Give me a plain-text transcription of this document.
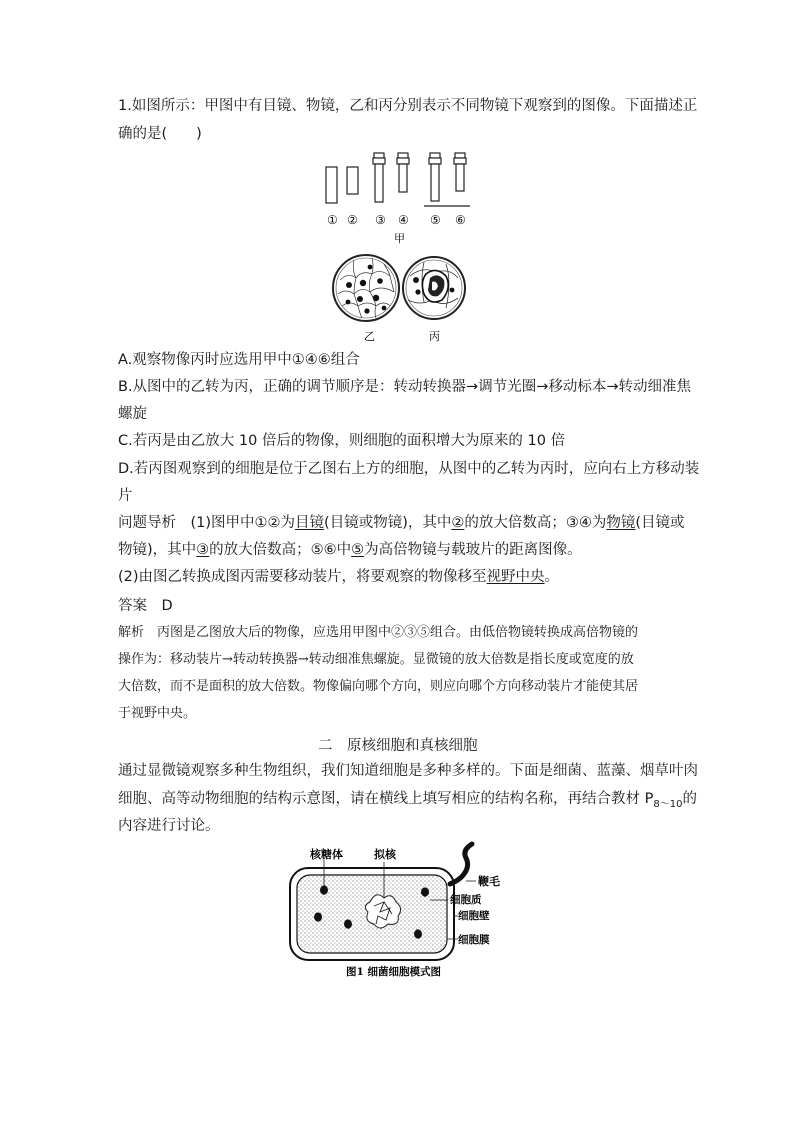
1.如图所示：甲图中有目镜、物镜，乙和丙分别表示不同物镜下观察到的图像。下面描述正
确的是(　　)
① ② ③ ④ ⑤ ⑥
甲
乙	丙
A.观察物像丙时应选用甲中①④⑥组合
B.从图中的乙转为丙，正确的调节顺序是：转动转换器→调节光圈→移动标本→转动细准焦
螺旋
C.若丙是由乙放大 10 倍后的物像，则细胞的面积增大为原来的 10 倍
D.若丙图观察到的细胞是位于乙图右上方的细胞，从图中的乙转为丙时，应向右上方移动装
片
问题导析　(1)图甲中①②为目镜(目镜或物镜)，其中②的放大倍数高；③④为物镜(目镜或
物镜)，其中③的放大倍数高；⑤⑥中⑤为高倍物镜与载玻片的距离图像。
(2)由图乙转换成图丙需要移动装片，将要观察的物像移至视野中央。
答案　D
解析　丙图是乙图放大后的物像，应选用甲图中②③⑤组合。由低倍物镜转换成高倍物镜的
操作为：移动装片→转动转换器→转动细准焦螺旋。显微镜的放大倍数是指长度或宽度的放
大倍数，而不是面积的放大倍数。物像偏向哪个方向，则应向哪个方向移动装片才能使其居
于视野中央。
二　原核细胞和真核细胞
通过显微镜观察多种生物组织，我们知道细胞是多种多样的。下面是细菌、蓝藻、烟草叶肉
细胞、高等动物细胞的结构示意图，请在横线上填写相应的结构名称，再结合教材 $P_{8\sim 10}$的
内容进行讨论。
核糖体	拟核
鞭毛
细胞质
细胞壁
细胞膜
图1 细菌细胞模式图
